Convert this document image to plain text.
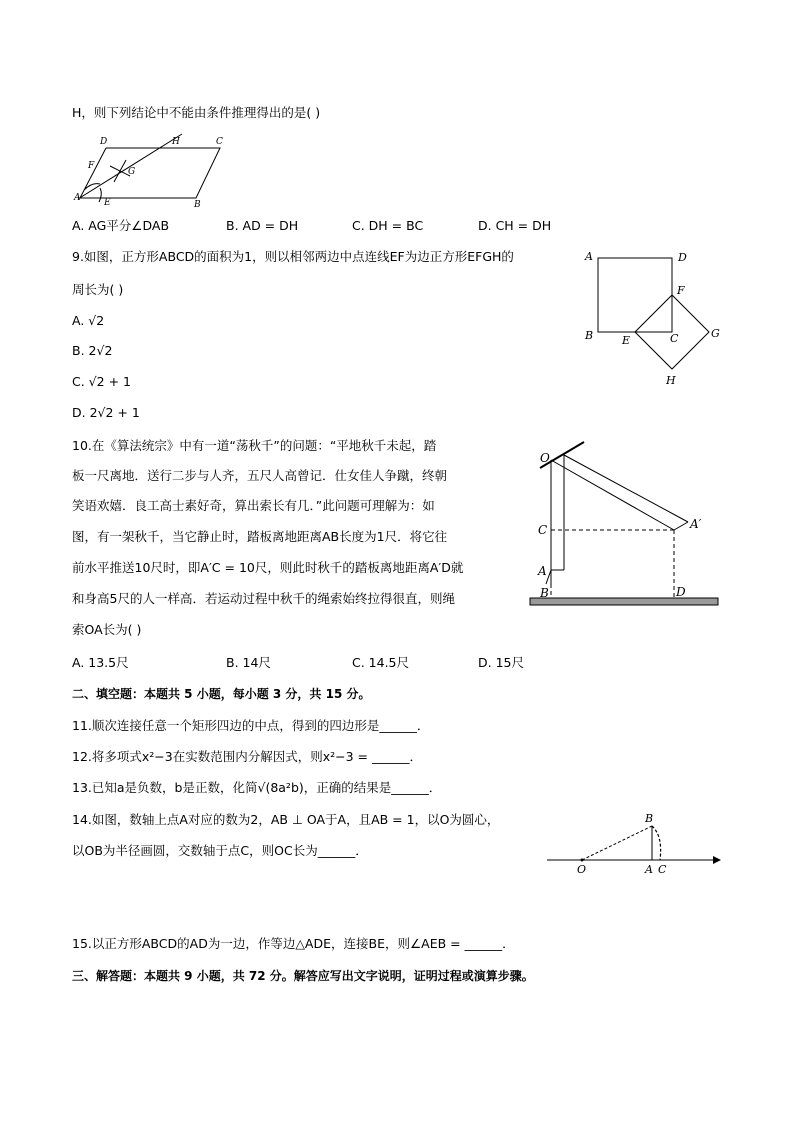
H，则下列结论中不能由条件推理得出的是( )
D	H	C
F
G
A	E	B
A. AG平分∠DAB	B. AD = DH	C. DH = BC	D. CH = DH
9.如图，正方形ABCD的面积为1，则以相邻两边中点连线EF为边正方形EFGH的
周长为( )
A. √2
B. 2√2
C. √2 + 1
D. 2√2 + 1
A	D
F
B	E	C	G
H
10.在《算法统宗》中有一道“荡秋千”的问题：“平地秋千未起，踏
板一尺离地．送行二步与人齐，五尺人高曾记．仕女佳人争蹴，终朝
笑语欢嬉．良工高士素好奇，算出索长有几．”此问题可理解为：如
图，有一架秋千，当它静止时，踏板离地距离AB长度为1尺．将它往
前水平推送10尺时，即A′C = 10尺，则此时秋千的踏板离地距离A′D就
和身高5尺的人一样高．若运动过程中秋千的绳索始终拉得很直，则绳
索OA长为( )
A. 13.5尺	B. 14尺	C. 14.5尺	D. 15尺
O
C
A
B	D
A′
二、填空题：本题共 5 小题，每小题 3 分，共 15 分。
11.顺次连接任意一个矩形四边的中点，得到的四边形是______．
12.将多项式x²−3在实数范围内分解因式，则x²−3 = ______．
13.已知a是负数，b是正数，化简√(8a²b)，正确的结果是______．
14.如图，数轴上点A对应的数为2，AB ⊥ OA于A，且AB = 1，以O为圆心，
以OB为半径画圆，交数轴于点C，则OC长为______．
B
O	A C
15.以正方形ABCD的AD为一边，作等边△ADE，连接BE，则∠AEB = ______．
三、解答题：本题共 9 小题，共 72 分。解答应写出文字说明，证明过程或演算步骤。
